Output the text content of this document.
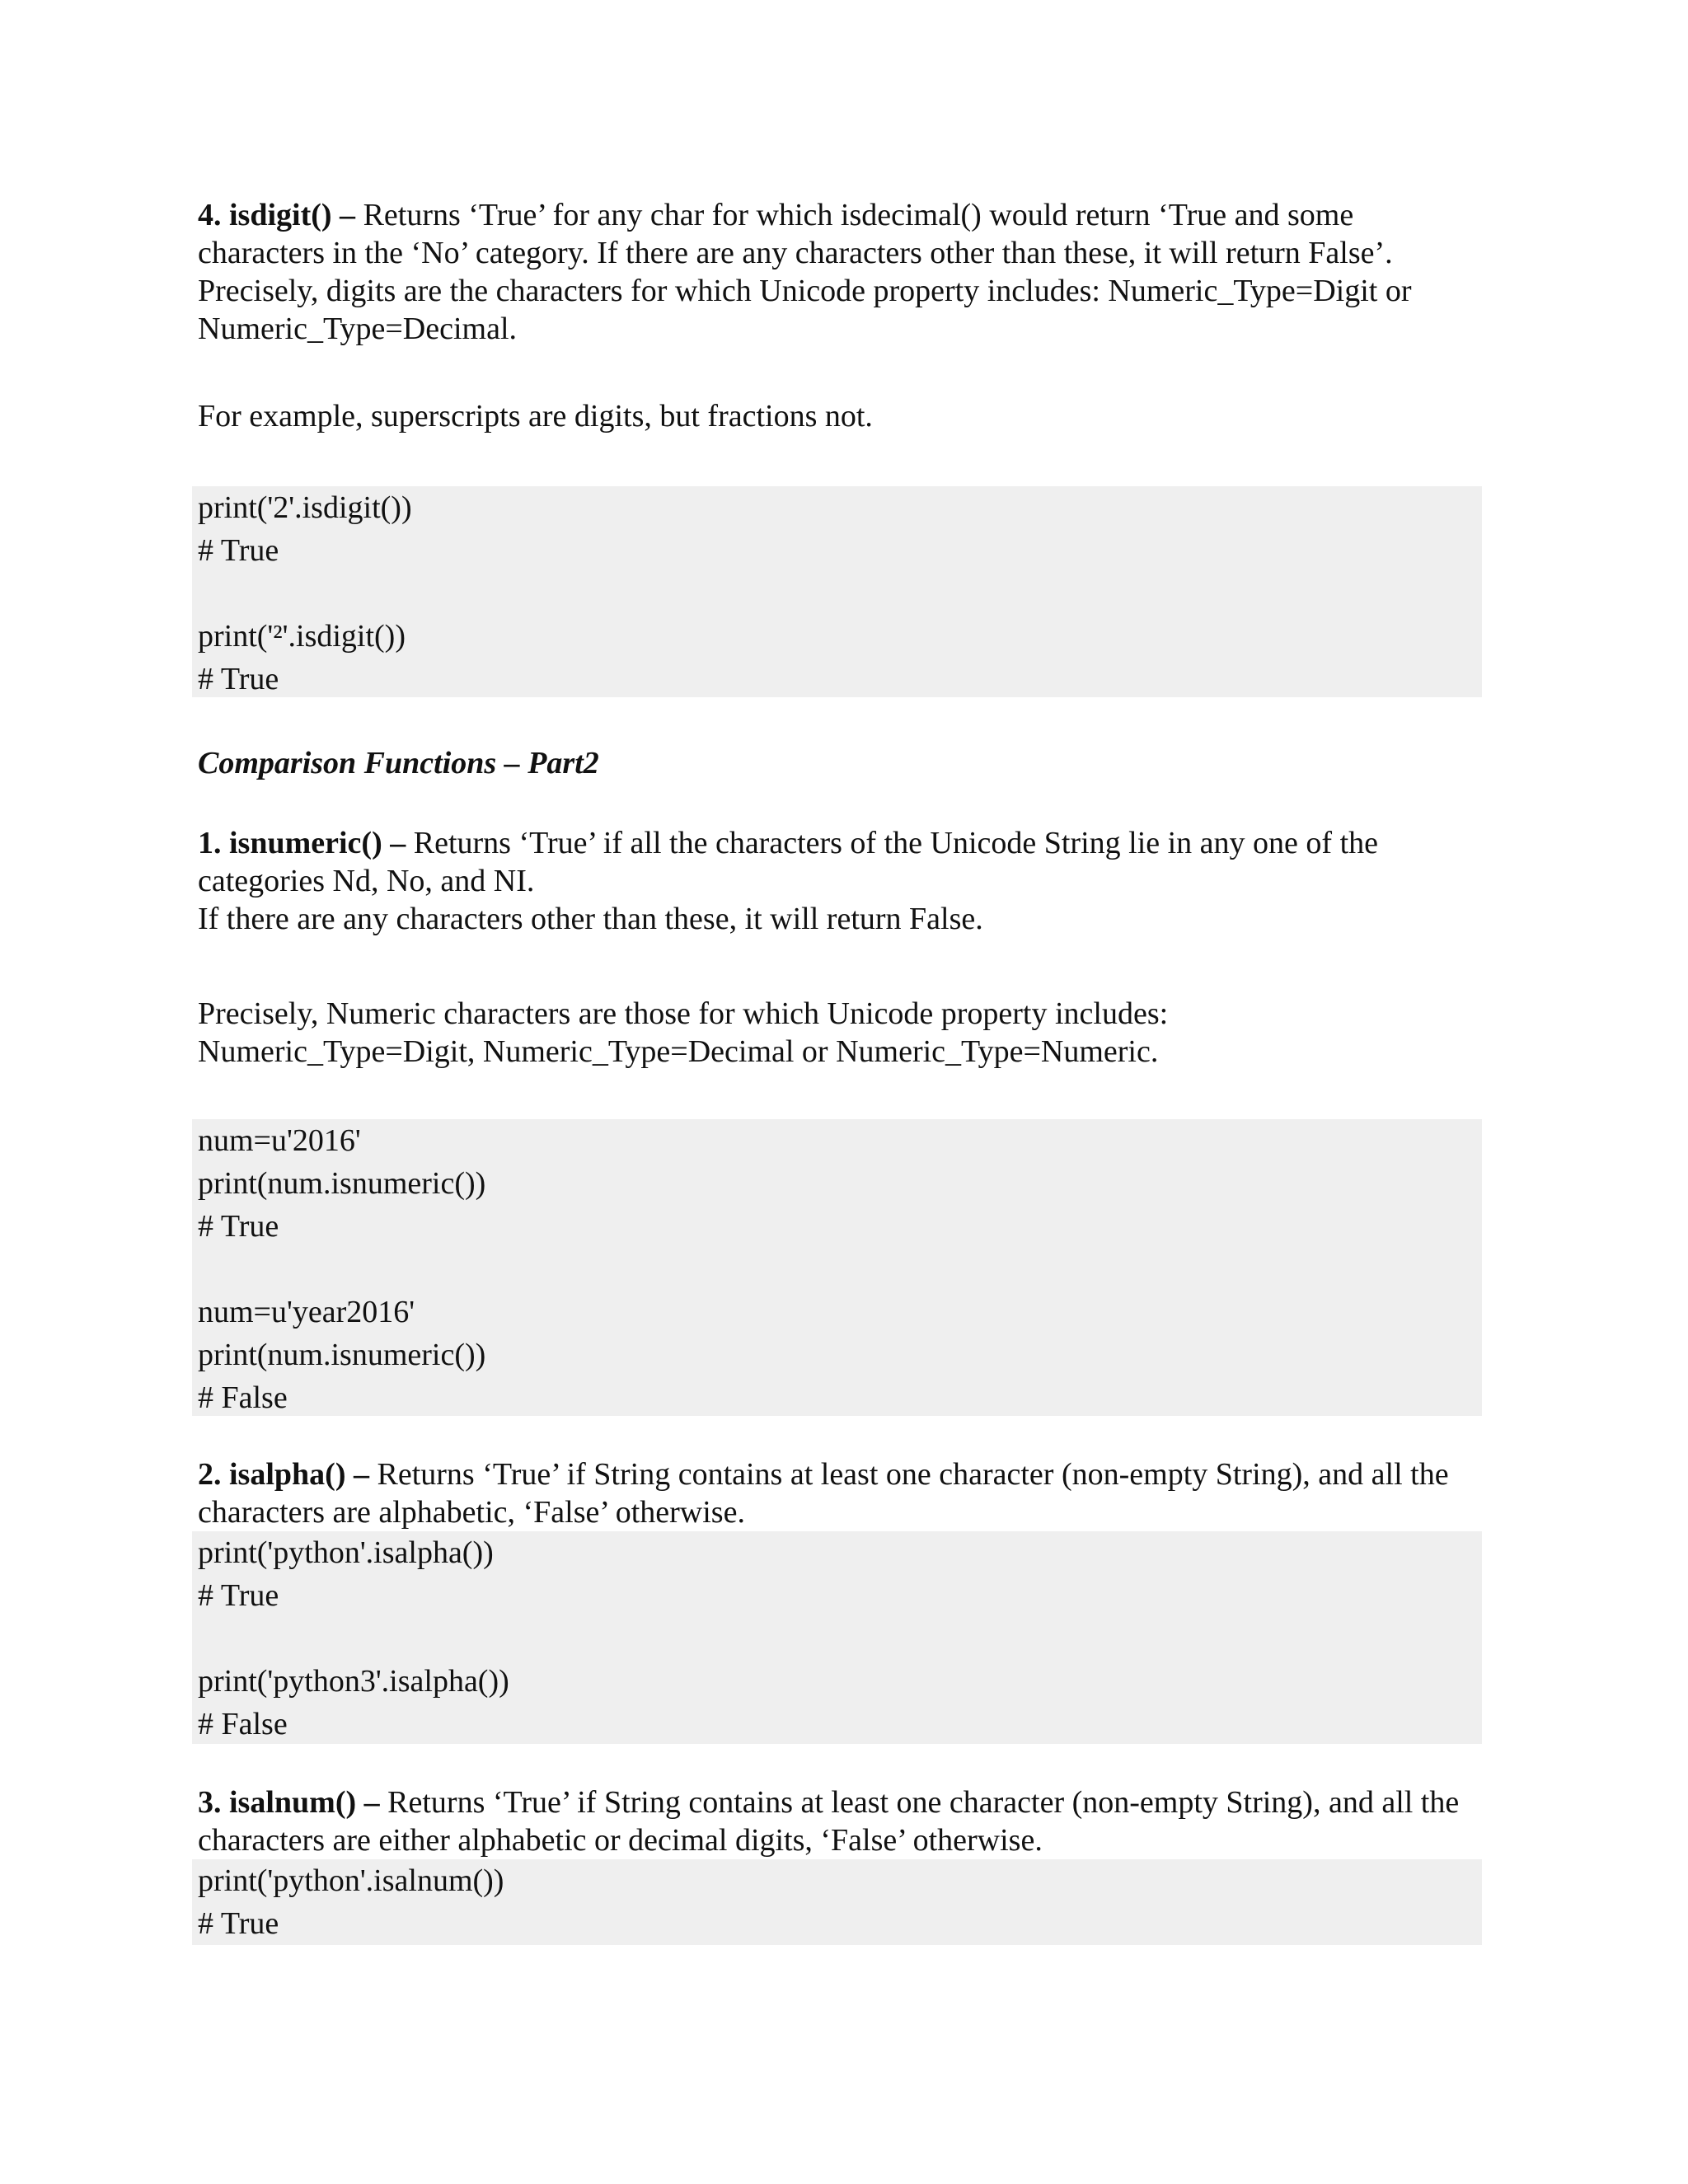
4. isdigit() – Returns ‘True’ for any char for which isdecimal() would return ‘True and some characters in the ‘No’ category. If there are any characters other than these, it will return False’. Precisely, digits are the characters for which Unicode property includes: Numeric_Type=Digit or Numeric_Type=Decimal.

For example, superscripts are digits, but fractions not.

print('2'.isdigit())
# True
print('²'.isdigit())
# True

Comparison Functions – Part2

1. isnumeric() – Returns ‘True’ if all the characters of the Unicode String lie in any one of the categories Nd, No, and NI.
If there are any characters other than these, it will return False.

Precisely, Numeric characters are those for which Unicode property includes:
Numeric_Type=Digit, Numeric_Type=Decimal or Numeric_Type=Numeric.

num=u'2016'
print(num.isnumeric())
# True
num=u'year2016'
print(num.isnumeric())
# False

2. isalpha() – Returns ‘True’ if String contains at least one character (non-empty String), and all the characters are alphabetic, ‘False’ otherwise.

print('python'.isalpha())
# True
print('python3'.isalpha())
# False

3. isalnum() – Returns ‘True’ if String contains at least one character (non-empty String), and all the characters are either alphabetic or decimal digits, ‘False’ otherwise.

print('python'.isalnum())
# True
